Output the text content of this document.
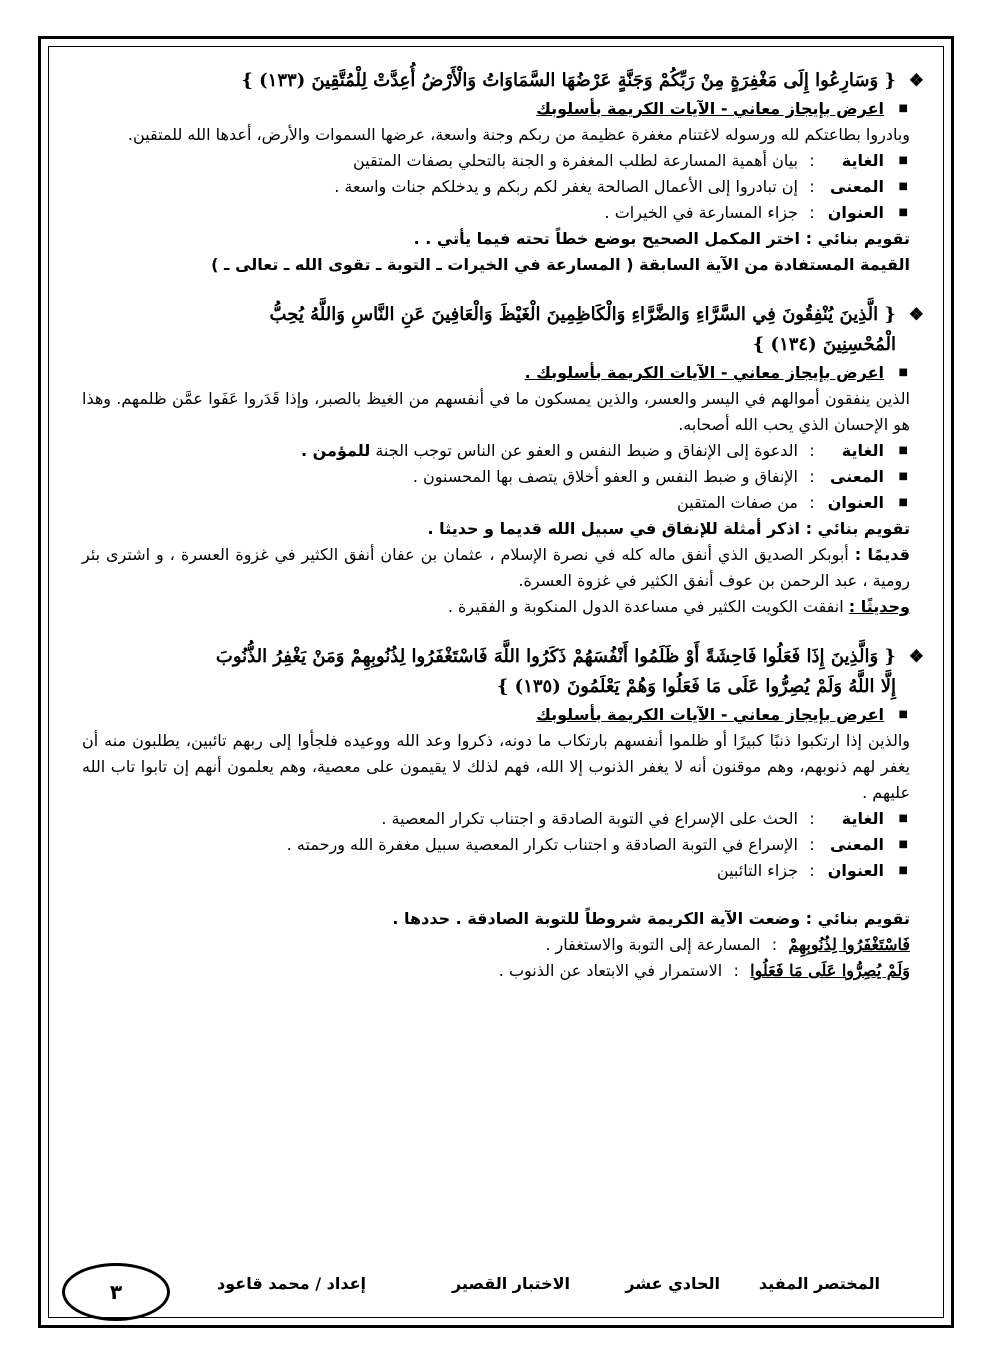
❖
{ وَسَارِعُوا إِلَى مَغْفِرَةٍ مِنْ رَبِّكُمْ وَجَنَّةٍ عَرْضُهَا السَّمَاوَاتُ وَالْأَرْضُ أُعِدَّتْ لِلْمُتَّقِينَ (١٣٣) }
■ اعرض بإيجاز معاني - الآيات الكريمة بأسلوبك
وبادروا بطاعتكم لله ورسوله لاغتنام مغفرة عظيمة من ربكم وجنة واسعة، عرضها السموات والأرض، أعدها الله للمتقين.
■ الغاية:بيان أهمية المسارعة لطلب المغفرة و الجنة بالتحلي بصفات المتقين
■ المعنى:إن تبادروا إلى الأعمال الصالحة يغفر لكم ربكم و يدخلكم جنات واسعة .
■ العنوان:جزاء المسارعة في الخيرات .
تقويم بنائي : اختر المكمل الصحيح بوضع خطاً تحته فيما يأتي . .
القيمة المستفادة من الآية السابقة ( المسارعة في الخيرات ـ التوبة ـ تقوى الله ـ تعالى ـ )
❖
{ الَّذِينَ يُنْفِقُونَ فِي السَّرَّاءِ وَالضَّرَّاءِ وَالْكَاظِمِينَ الْغَيْظَ وَالْعَافِينَ عَنِ النَّاسِ وَاللَّهُ يُحِبُّ
الْمُحْسِنِينَ (١٣٤) }
■ اعرض بإيجاز معاني - الآيات الكريمة بأسلوبك .
الذين ينفقون أموالهم في اليسر والعسر، والذين يمسكون ما في أنفسهم من الغيظ بالصبر، وإذا قَدَروا عَفَوا عمَّن ظلمهم. وهذا هو الإحسان الذي يحب الله أصحابه.
■ الغاية:الدعوة إلى الإنفاق و ضبط النفس و العفو عن الناس توجب الجنة للمؤمن .
■ المعنى:الإنفاق و ضبط النفس و العفو أخلاق يتصف بها المحسنون .
■ العنوان:من صفات المتقين
تقويم بنائي : اذكر أمثلة للإنفاق في سبيل الله قديما و حديثا .
قديمًا : أبوبكر الصديق الذي أنفق ماله كله في نصرة الإسلام ، عثمان بن عفان أنفق الكثير في غزوة العسرة ، و اشترى بئر رومية ، عبد الرحمن بن عوف أنفق الكثير في غزوة العسرة.
وحديثًا : انفقت الكويت الكثير في مساعدة الدول المنكوبة و الفقيرة .
❖
{ وَالَّذِينَ إِذَا فَعَلُوا فَاحِشَةً أَوْ ظَلَمُوا أَنْفُسَهُمْ ذَكَرُوا اللَّهَ فَاسْتَغْفَرُوا لِذُنُوبِهِمْ وَمَنْ يَغْفِرُ الذُّنُوبَ
إِلَّا اللَّهُ وَلَمْ يُصِرُّوا عَلَى مَا فَعَلُوا وَهُمْ يَعْلَمُونَ (١٣٥) }
■ اعرض بإيجاز معاني - الآيات الكريمة بأسلوبك
والذين إذا ارتكبوا ذنبًا كبيرًا أو ظلموا أنفسهم بارتكاب ما دونه، ذكروا وعد الله ووعيده فلجأوا إلى ربهم تائبين، يطلبون منه أن يغفر لهم ذنوبهم، وهم موقنون أنه لا يغفر الذنوب إلا الله، فهم لذلك لا يقيمون على معصية، وهم يعلمون أنهم إن تابوا تاب الله عليهم .
■ الغاية:الحث على الإسراع في التوبة الصادقة و اجتناب تكرار المعصية .
■ المعنى:الإسراع في التوبة الصادقة و اجتناب تكرار المعصية سبيل مغفرة الله ورحمته .
■ العنوان:جزاء التائبين
تقويم بنائي : وضعت الآية الكريمة شروطاً للتوبة الصادقة . حددها .
فَاسْتَغْفَرُوا لِذُنُوبِهِمْ:المسارعة إلى التوبة والاستغفار .
وَلَمْ يُصِرُّوا عَلَى مَا فَعَلُوا:الاستمرار في الابتعاد عن الذنوب .
المختصر المفيد
الحادي عشر
الاختبار القصير
إعداد / محمد قاعود
٣
